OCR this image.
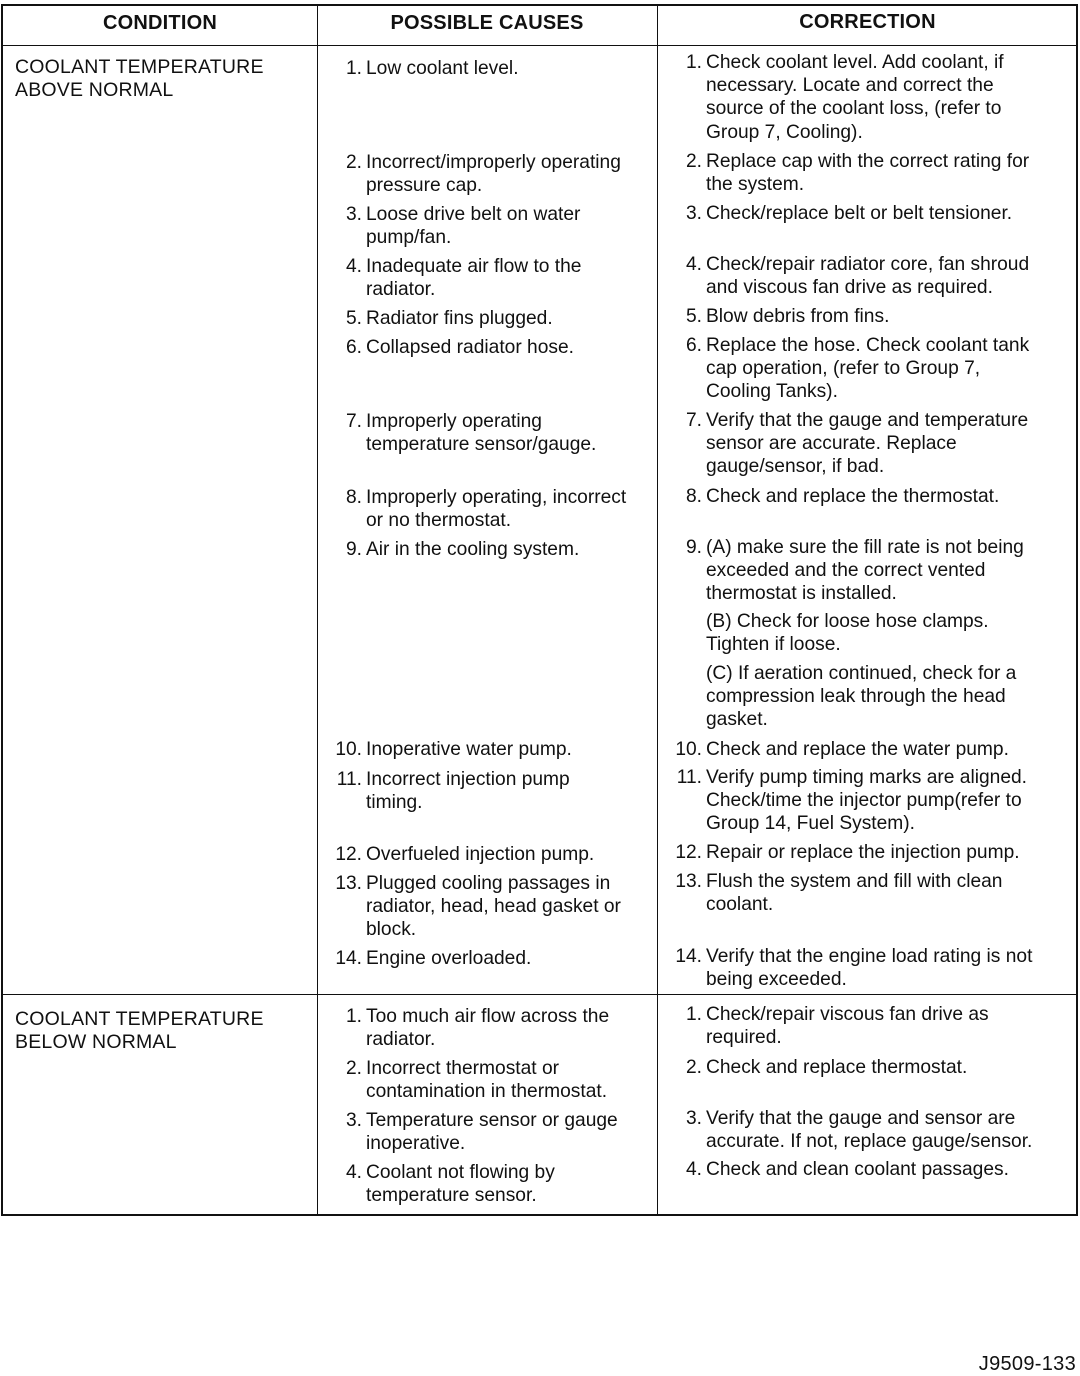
CONDITION	POSSIBLE CAUSES	CORRECTION
COOLANT TEMPERATURE
ABOVE NORMAL
COOLANT TEMPERATURE
BELOW NORMAL
J9509-133
1. Low coolant level.
2. Incorrect/improperly operating
pressure cap.
3. Loose drive belt on water
pump/fan.
4. Inadequate air flow to the
radiator.
5. Radiator fins plugged.
6. Collapsed radiator hose.
7. Improperly operating
temperature sensor/gauge.
8. Improperly operating, incorrect
or no thermostat.
9. Air in the cooling system.
10. Inoperative water pump.
11. Incorrect injection pump
timing.
12. Overfueled injection pump.
13. Plugged cooling passages in
radiator, head, head gasket or
block.
14. Engine overloaded.
1. Check coolant level. Add coolant, if
necessary. Locate and correct the
source of the coolant loss, (refer to
Group 7, Cooling).
2. Replace cap with the correct rating for
the system.
3. Check/replace belt or belt tensioner.
4. Check/repair radiator core, fan shroud
and viscous fan drive as required.
5. Blow debris from fins.
6. Replace the hose. Check coolant tank
cap operation, (refer to Group 7,
Cooling Tanks).
7. Verify that the gauge and temperature
sensor are accurate. Replace
gauge/sensor, if bad.
8. Check and replace the thermostat.
9. (A) make sure the fill rate is not being
exceeded and the correct vented
thermostat is installed.
10. Check and replace the water pump.
11. Verify pump timing marks are aligned.
Check/time the injector pump(refer to
Group 14, Fuel System).
12. Repair or replace the injection pump.
13. Flush the system and fill with clean
coolant.
14. Verify that the engine load rating is not
being exceeded.
(B) Check for loose hose clamps.
Tighten if loose.
(C) If aeration continued, check for a
compression leak through the head
gasket.
1. Too much air flow across the
radiator.
2. Incorrect thermostat or
contamination in thermostat.
3. Temperature sensor or gauge
inoperative.
4. Coolant not flowing by
temperature sensor.
1. Check/repair viscous fan drive as
required.
2. Check and replace thermostat.
3. Verify that the gauge and sensor are
accurate. If not, replace gauge/sensor.
4. Check and clean coolant passages.
